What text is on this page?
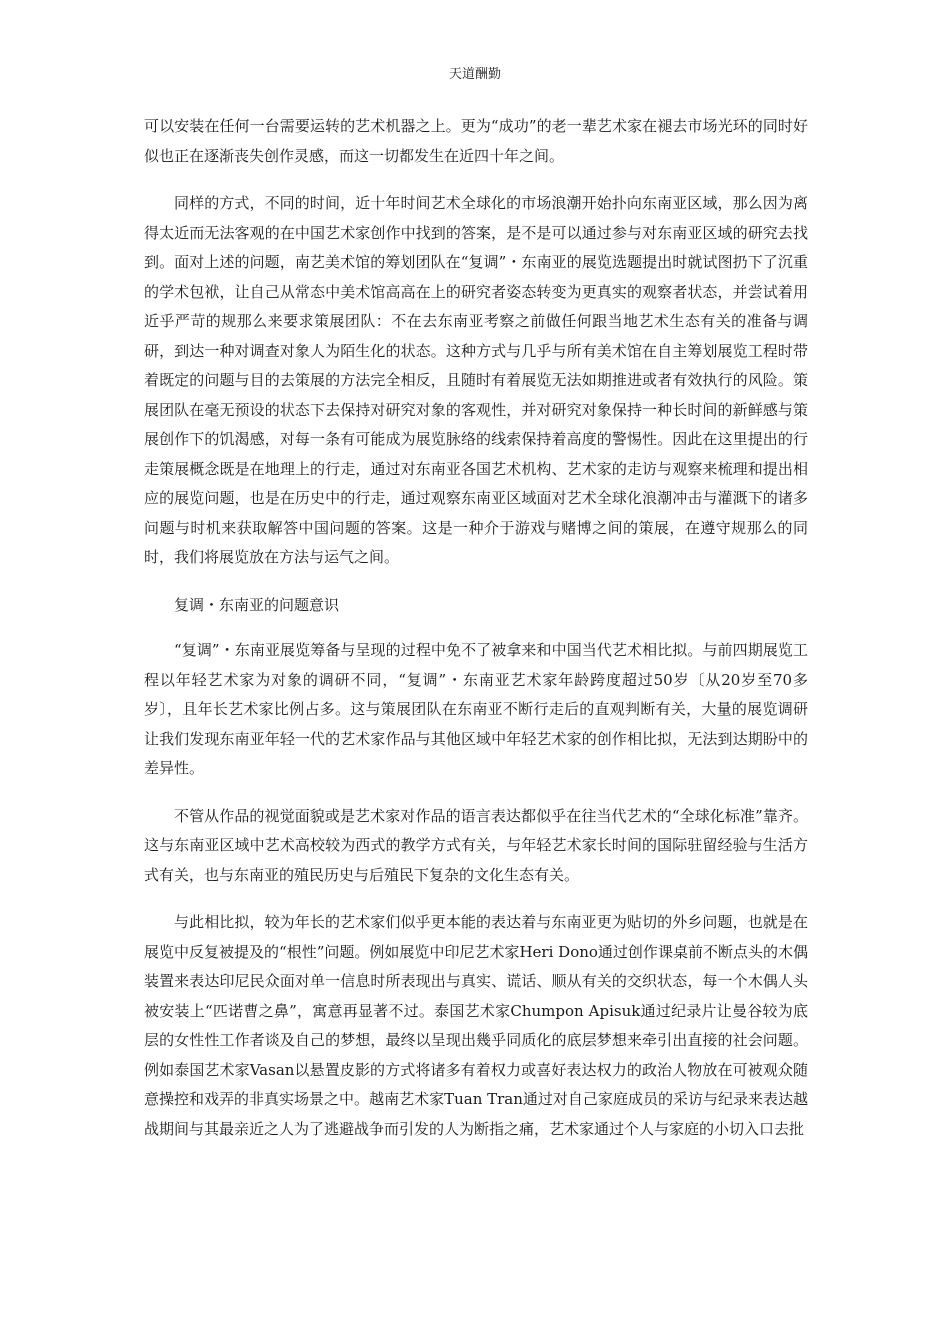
天道酬勤

可以安装在任何一台需要运转的艺术机器之上。更为“成功”的老一辈艺术家在褪去市场光环的同时好似也正在逐渐丧失创作灵感，而这一切都发生在近四十年之间。

同样的方式，不同的时间，近十年时间艺术全球化的市场浪潮开始扑向东南亚区域，那么因为离得太近而无法客观的在中国艺术家创作中找到的答案，是不是可以通过参与对东南亚区域的研究去找到。面对上述的问题，南艺美术馆的筹划团队在“复调”・东南亚的展览选题提出时就试图扔下了沉重的学术包袱，让自己从常态中美术馆高高在上的研究者姿态转变为更真实的观察者状态，并尝试着用近乎严苛的规那么来要求策展团队：不在去东南亚考察之前做任何跟当地艺术生态有关的准备与调研，到达一种对调查对象人为陌生化的状态。这种方式与几乎与所有美术馆在自主筹划展览工程时带着既定的问题与目的去策展的方法完全相反，且随时有着展览无法如期推进或者有效执行的风险。策展团队在毫无预设的状态下去保持对研究对象的客观性，并对研究对象保持一种长时间的新鲜感与策展创作下的饥渴感，对每一条有可能成为展览脉络的线索保持着高度的警惕性。因此在这里提出的行走策展概念既是在地理上的行走，通过对东南亚各国艺术机构、艺术家的走访与观察来梳理和提出相应的展览问题，也是在历史中的行走，通过观察东南亚区域面对艺术全球化浪潮冲击与灌溉下的诸多问题与时机来获取解答中国问题的答案。这是一种介于游戏与赌博之间的策展，在遵守规那么的同时，我们将展览放在方法与运气之间。

复调・东南亚的问题意识

“复调”・东南亚展览筹备与呈现的过程中免不了被拿来和中国当代艺术相比拟。与前四期展览工程以年轻艺术家为对象的调研不同，“复调”・东南亚艺术家年龄跨度超过50岁〔从20岁至70多岁〕，且年长艺术家比例占多。这与策展团队在东南亚不断行走后的直观判断有关，大量的展览调研让我们发现东南亚年轻一代的艺术家作品与其他区域中年轻艺术家的创作相比拟，无法到达期盼中的差异性。

不管从作品的视觉面貌或是艺术家对作品的语言表达都似乎在往当代艺术的“全球化标准”靠齐。这与东南亚区域中艺术高校较为西式的教学方式有关，与年轻艺术家长时间的国际驻留经验与生活方式有关，也与东南亚的殖民历史与后殖民下复杂的文化生态有关。

与此相比拟，较为年长的艺术家们似乎更本能的表达着与东南亚更为贴切的外乡问题，也就是在展览中反复被提及的“根性”问题。例如展览中印尼艺术家Heri Dono通过创作课桌前不断点头的木偶装置来表达印尼民众面对单一信息时所表现出与真实、谎话、顺从有关的交织状态，每一个木偶人头被安装上“匹诺曹之鼻”，寓意再显著不过。泰国艺术家Chumpon Apisuk通过纪录片让曼谷较为底层的女性性工作者谈及自己的梦想，最终以呈现出幾乎同质化的底层梦想来牵引出直接的社会问题。例如泰国艺术家Vasan以悬置皮影的方式将诸多有着权力或喜好表达权力的政治人物放在可被观众随意操控和戏弄的非真实场景之中。越南艺术家Tuan Tran通过对自己家庭成员的采访与纪录来表达越战期间与其最亲近之人为了逃避战争而引发的人为断指之痛，艺术家通过个人与家庭的小切入口去批
